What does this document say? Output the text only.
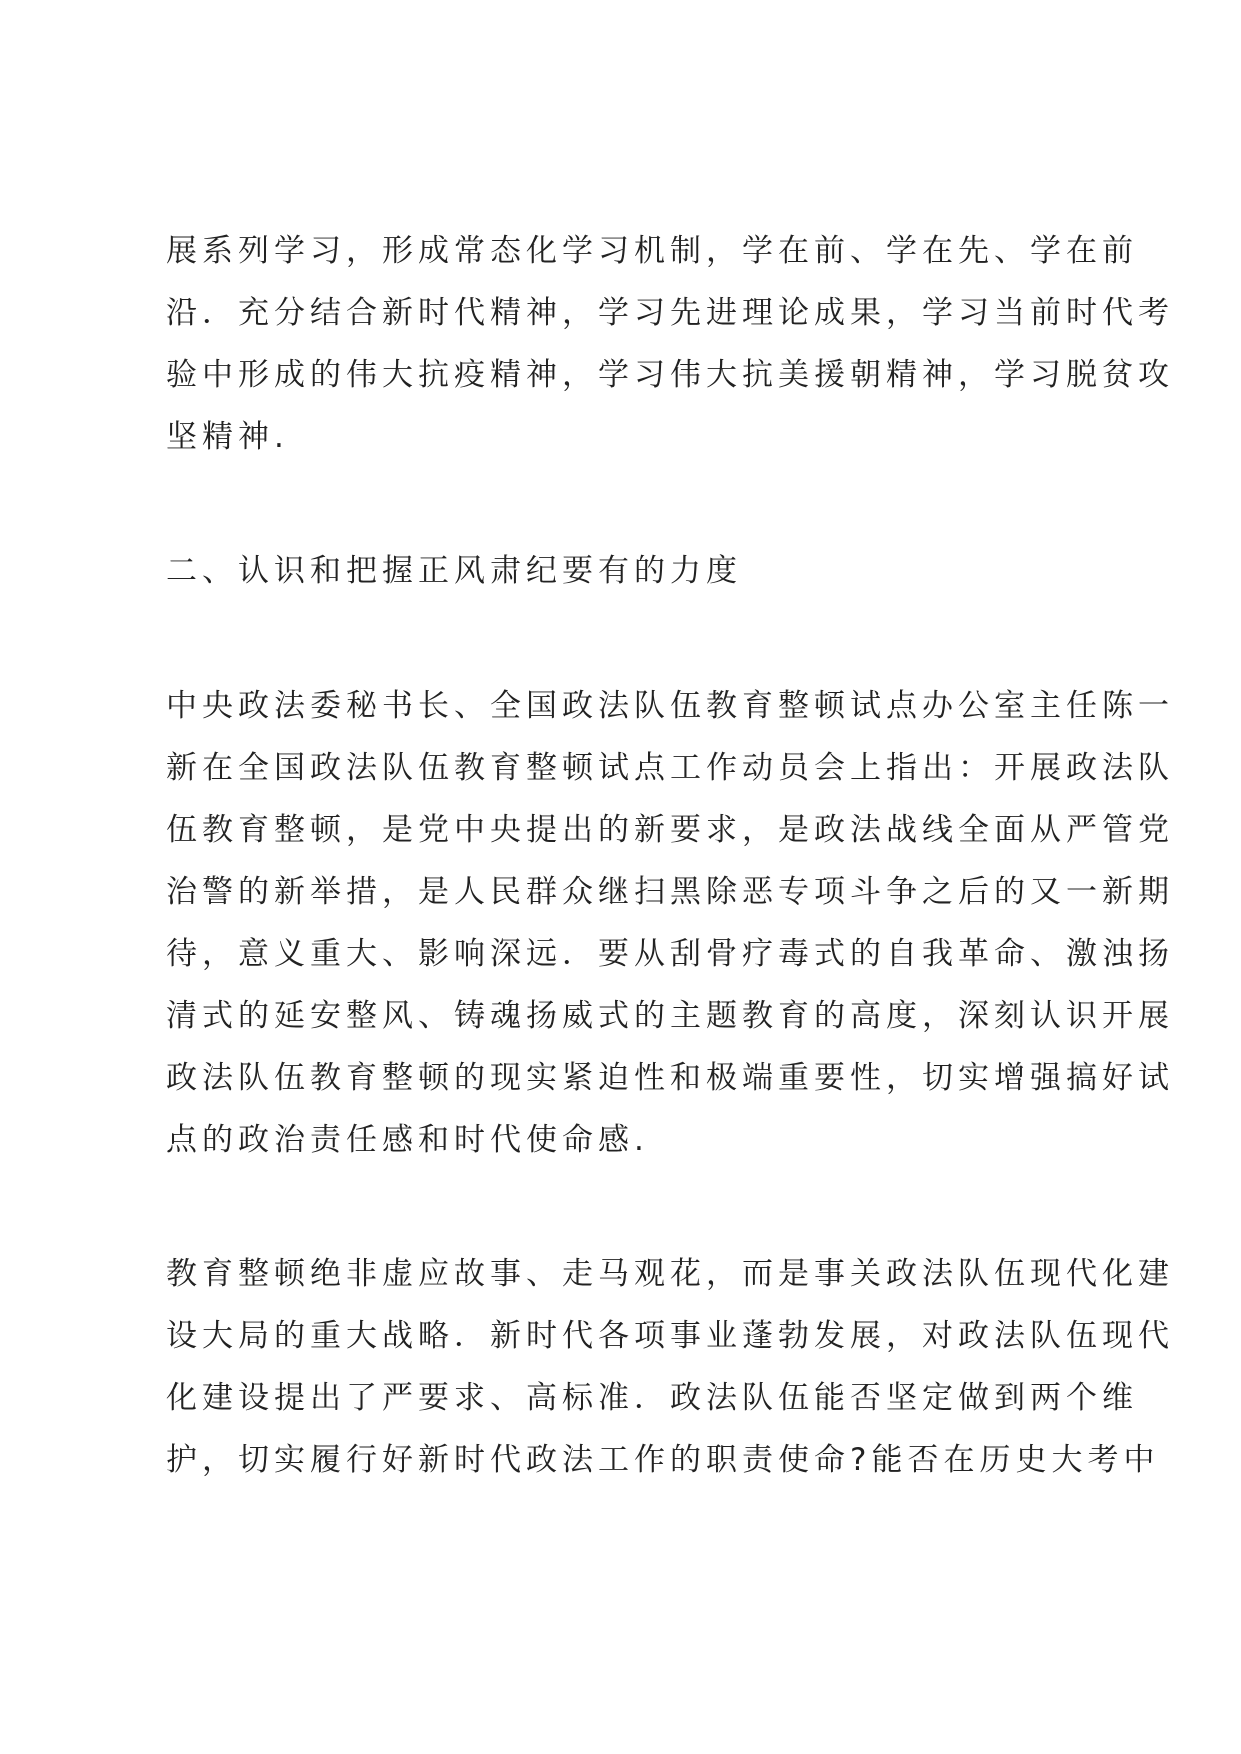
展系列学习，形成常态化学习机制，学在前、学在先、学在前

沿．充分结合新时代精神，学习先进理论成果，学习当前时代考

验中形成的伟大抗疫精神，学习伟大抗美援朝精神，学习脱贫攻

坚精神.

二、认识和把握正风肃纪要有的力度

中央政法委秘书长、全国政法队伍教育整顿试点办公室主任陈一

新在全国政法队伍教育整顿试点工作动员会上指出：开展政法队

伍教育整顿，是党中央提出的新要求，是政法战线全面从严管党

治警的新举措，是人民群众继扫黑除恶专项斗争之后的又一新期

待，意义重大、影响深远．要从刮骨疗毒式的自我革命、激浊扬

清式的延安整风、铸魂扬威式的主题教育的高度，深刻认识开展

政法队伍教育整顿的现实紧迫性和极端重要性，切实增强搞好试

点的政治责任感和时代使命感.

教育整顿绝非虚应故事、走马观花，而是事关政法队伍现代化建

设大局的重大战略．新时代各项事业蓬勃发展，对政法队伍现代

化建设提出了严要求、高标准．政法队伍能否坚定做到两个维

护，切实履行好新时代政法工作的职责使命?能否在历史大考中
